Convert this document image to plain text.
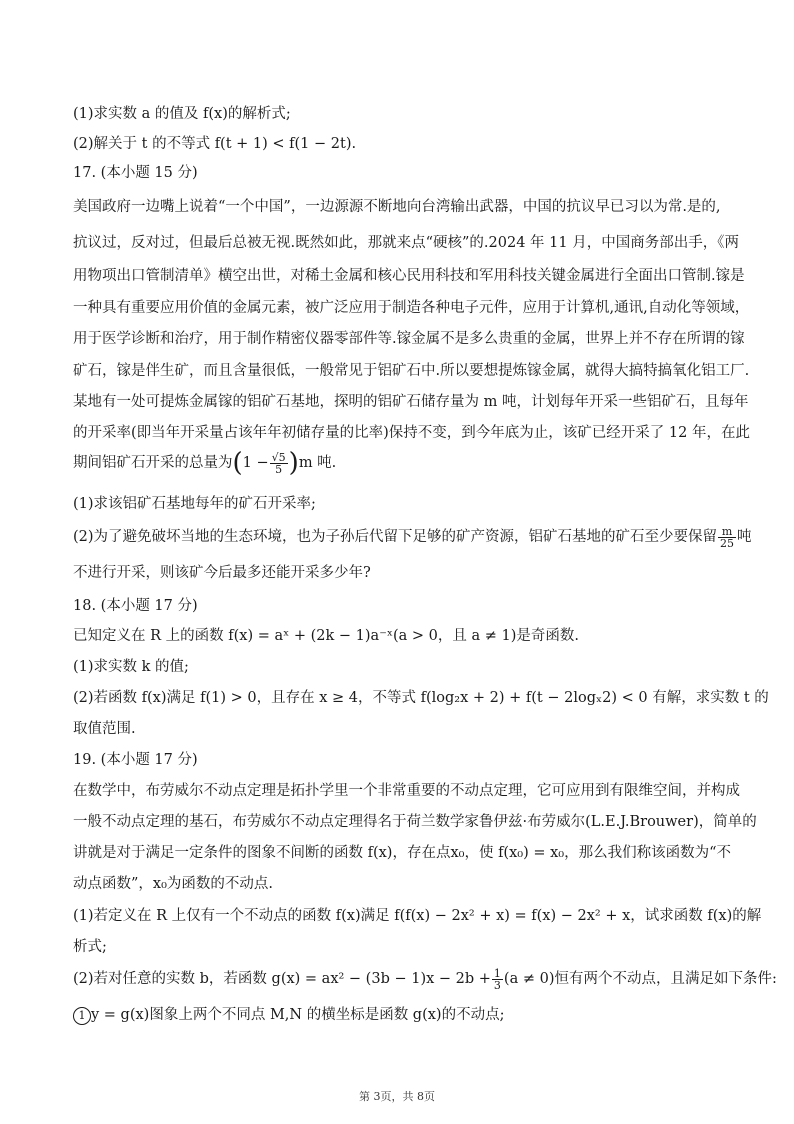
(1)求实数 a 的值及 f(x)的解析式;
(2)解关于 t 的不等式 f(t + 1) < f(1 − 2t).
17. (本小题 15 分)
美国政府一边嘴上说着“一个中国”，一边源源不断地向台湾输出武器，中国的抗议早已习以为常.是的,
抗议过，反对过，但最后总被无视.既然如此，那就来点“硬核”的.2024 年 11 月，中国商务部出手，《两
用物项出口管制清单》横空出世，对稀土金属和核心民用科技和军用科技关键金属进行全面出口管制.镓是
一种具有重要应用价值的金属元素，被广泛应用于制造各种电子元件，应用于计算机,通讯,自动化等领域，
用于医学诊断和治疗，用于制作精密仪器零部件等.镓金属不是多么贵重的金属，世界上并不存在所谓的镓
矿石，镓是伴生矿，而且含量很低，一般常见于铝矿石中.所以要想提炼镓金属，就得大搞特搞氧化铝工厂.
某地有一处可提炼金属镓的铝矿石基地，探明的铝矿石储存量为 m 吨，计划每年开采一些铝矿石，且每年
的开采率(即当年开采量占该年年初储存量的比率)保持不变，到今年底为止，该矿已经开采了 12 年，在此
期间铝矿石开采的总量为$(1 - \frac{√5}{5} )m$ 吨.
(1)求该铝矿石基地每年的矿石开采率;
(2)为了避免破坏当地的生态环境，也为子孙后代留下足够的矿产资源，铝矿石基地的矿石至少要保留 $\frac{m}{25}$ 吨
不进行开采，则该矿今后最多还能开采多少年?
18. (本小题 17 分)
已知定义在 R 上的函数 f(x) = aˣ + (2k − 1)a⁻ˣ(a > 0，且 a ≠ 1)是奇函数.
(1)求实数 k 的值;
(2)若函数 f(x)满足 f(1) > 0，且存在 x ≥ 4，不等式 f(log₂x + 2) + f(t − 2logₓ2) < 0 有解，求实数 t 的
取值范围.
19. (本小题 17 分)
在数学中，布劳威尔不动点定理是拓扑学里一个非常重要的不动点定理，它可应用到有限维空间，并构成
一般不动点定理的基石，布劳威尔不动点定理得名于荷兰数学家鲁伊兹·布劳威尔(L.E.J.Brouwer)，简单的
讲就是对于满足一定条件的图象不间断的函数 f(x)，存在点x₀，使 f(x₀) = x₀，那么我们称该函数为“不
动点函数”，x₀为函数的不动点.
(1)若定义在 R 上仅有一个不动点的函数 f(x)满足 f(f(x) − 2x² + x) = f(x) − 2x² + x，试求函数 f(x)的解
析式;
(2)若对任意的实数 b，若函数 $g(x) = ax^2 - (3b - 1)x - 2b + \frac{1}{3} (a \ne 0)$恒有两个不动点，且满足如下条件:
1 y = g(x)图象上两个不同点 M,N 的横坐标是函数 g(x)的不动点;
第 3页，共 8页
